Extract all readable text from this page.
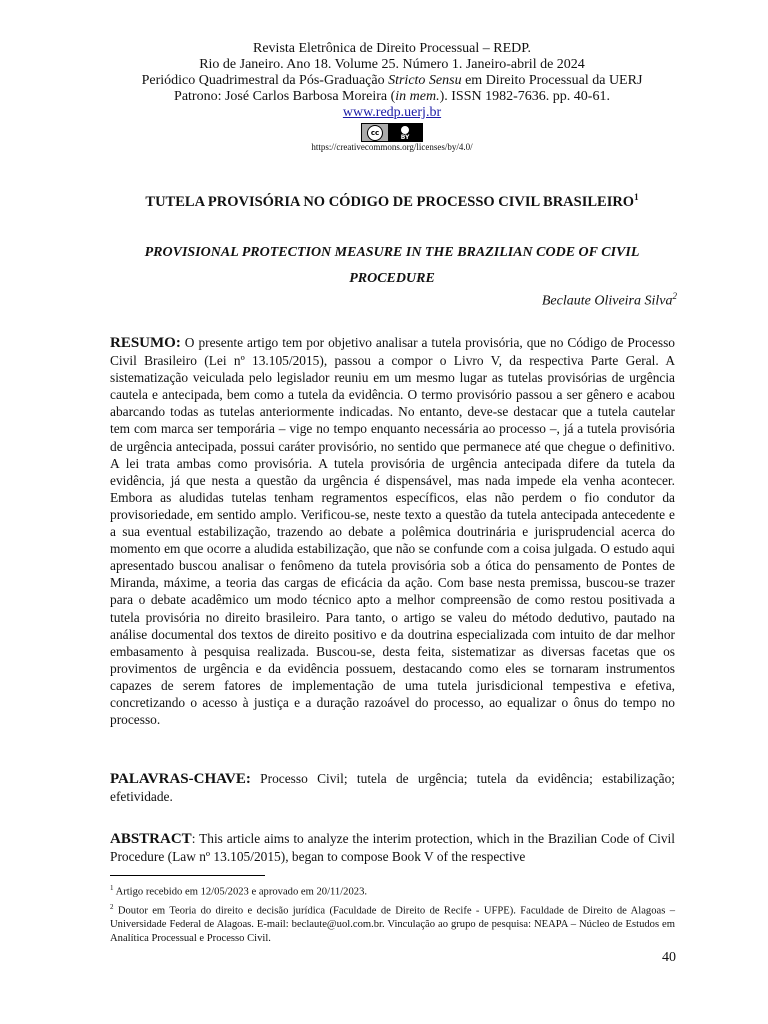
Revista Eletrônica de Direito Processual – REDP.
Rio de Janeiro. Ano 18. Volume 25. Número 1. Janeiro-abril de 2024
Periódico Quadrimestral da Pós-Graduação Stricto Sensu em Direito Processual da UERJ
Patrono: José Carlos Barbosa Moreira (in mem.). ISSN 1982-7636. pp. 40-61.
www.redp.uerj.br
cc
BY
https://creativecommons.org/licenses/by/4.0/
TUTELA PROVISÓRIA NO CÓDIGO DE PROCESSO CIVIL BRASILEIRO$^1$
PROVISIONAL PROTECTION MEASURE IN THE BRAZILIAN CODE OF CIVIL PROCEDURE
Beclaute Oliveira Silva$^2$

RESUMO: O presente artigo tem por objetivo analisar a tutela provisória, que no Código de Processo Civil Brasileiro (Lei nº 13.105/2015), passou a compor o Livro V, da respectiva Parte Geral. A sistematização veiculada pelo legislador reuniu em um mesmo lugar as tutelas provisórias de urgência cautela e antecipada, bem como a tutela da evidência. O termo provisório passou a ser gênero e acabou abarcando todas as tutelas anteriormente indicadas. No entanto, deve-se destacar que a tutela cautelar tem com marca ser temporária – vige no tempo enquanto necessária ao processo –, já a tutela provisória de urgência antecipada, possui caráter provisório, no sentido que permanece até que chegue o definitivo. A lei trata ambas como provisória. A tutela provisória de urgência antecipada difere da tutela da evidência, já que nesta a questão da urgência é dispensável, mas nada impede ela venha acontecer. Embora as aludidas tutelas tenham regramentos específicos, elas não perdem o fio condutor da provisoriedade, em sentido amplo. Verificou-se, neste texto a questão da tutela antecipada antecedente e a sua eventual estabilização, trazendo ao debate a polêmica doutrinária e jurisprudencial acerca do momento em que ocorre a aludida estabilização, que não se confunde com a coisa julgada. O estudo aqui apresentado buscou analisar o fenômeno da tutela provisória sob a ótica do pensamento de Pontes de Miranda, máxime, a teoria das cargas de eficácia da ação. Com base nesta premissa, buscou-se trazer para o debate acadêmico um modo técnico apto a melhor compreensão de como restou positivada a tutela provisória no direito brasileiro. Para tanto, o artigo se valeu do método dedutivo, pautado na análise documental dos textos de direito positivo e da doutrina especializada com intuito de dar melhor embasamento à pesquisa realizada. Buscou-se, desta feita, sistematizar as diversas facetas que os provimentos de urgência e da evidência possuem, destacando como eles se tornaram instrumentos capazes de serem fatores de implementação de uma tutela jurisdicional tempestiva e efetiva, concretizando o acesso à justiça e a duração razoável do processo, ao equalizar o ônus do tempo no processo.

PALAVRAS-CHAVE: Processo Civil; tutela de urgência; tutela da evidência; estabilização; efetividade.

ABSTRACT: This article aims to analyze the interim protection, which in the Brazilian Code of Civil Procedure (Law nº 13.105/2015), began to compose Book V of the respective

$^1$ Artigo recebido em 12/05/2023 e aprovado em 20/11/2023.

$^2$ Doutor em Teoria do direito e decisão jurídica (Faculdade de Direito de Recife - UFPE). Faculdade de Direito de Alagoas – Universidade Federal de Alagoas. E-mail: beclaute@uol.com.br. Vinculação ao grupo de pesquisa: NEAPA – Núcleo de Estudos em Analítica Processual e Processo Civil.

40
